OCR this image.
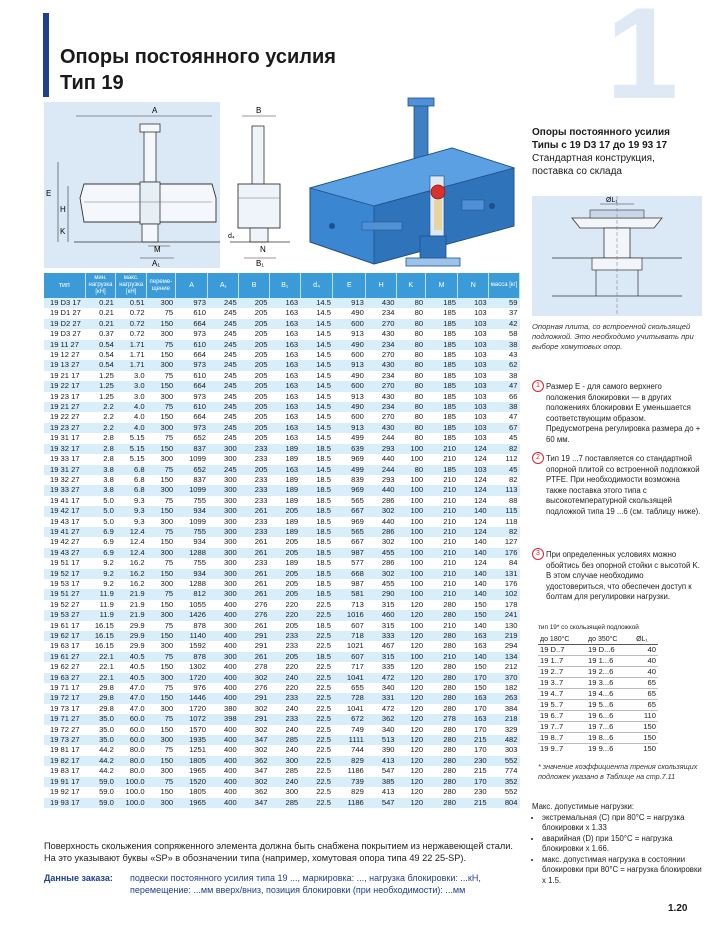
1
Опоры постоянного усилия
Тип 19
A
M
A₁
E
H
K
B
d₄
N
B₁
Опоры постоянного усилия
Типы с 19 D3 17 до 19 93 17
Стандартная конструкция,
поставка со склада
ØL₁
Опорная плита, со встроенной скользящей подложкой. Это необходимо учитывать при выборе хомутовых опор.
1 Размер E - для самого верхнего положения блокировки — в других положениях блокировки E уменьшается соответствующим образом. Предусмотрена регулировка размера до + 60 мм.
2 Тип 19 ...7 поставляется со стандартной опорной плитой со встроенной подложкой PTFE. При необходимости возможна также поставка этого типа с высокотемпературной скользящей подложкой типа 19 ...6 (см. таблицу ниже).
3 При определенных условиях можно обойтись без опорной стойки с высотой K. В этом случае необходимо удостовериться, что обеспечен доступ к болтам для регулировки нагрузки.
тип 19* со скользящей подложкой
до 180°C	до 350°C	ØL₁
19 D..7	19 D...6	40
19 1..7	19 1...6	40
19 2..7	19 2...6	40
19 3..7	19 3...6	65
19 4..7	19 4...6	65
19 5..7	19 5...6	65
19 6..7	19 6...6	110
19 7..7	19 7...6	150
19 8..7	19 8...6	150
19 9..7	19 9...6	150
* значение коэффициента трения скользящих подложек указано в Таблице на стр.7.11
Макс. допустимые нагрузки:
• экстремальная (C) при 80°C = нагрузка блокировки x 1.33
• аварийная (D) при 150°C = нагрузка блокировки x 1.66.
• макс. допустимая нагрузка в состоянии блокировки при 80°C = нагрузка блокировки x 1.5.
тип	мин. нагрузка [кН]	макс. нагрузка [кН]	переме-щение	A	A₁	B	B₁	d₄	E	H	K	M	N	масса [кг]
19 D3 17	0.21	0.51	300	973	245	205	163	14.5	913	430	80	185	103	59
19 D1 27	0.21	0.72	75	610	245	205	163	14.5	490	234	80	185	103	37
19 D2 27	0.21	0.72	150	664	245	205	163	14.5	600	270	80	185	103	42
19 D3 27	0.37	0.72	300	973	245	205	163	14.5	913	430	80	185	103	58
19 11 27	0.54	1.71	75	610	245	205	163	14.5	490	234	80	185	103	38
19 12 27	0.54	1.71	150	664	245	205	163	14.5	600	270	80	185	103	43
19 13 27	0.54	1.71	300	973	245	205	163	14.5	913	430	80	185	103	62
19 21 17	1.25	3.0	75	610	245	205	163	14.5	490	234	80	185	103	38
19 22 17	1.25	3.0	150	664	245	205	163	14.5	600	270	80	185	103	47
19 23 17	1.25	3.0	300	973	245	205	163	14.5	913	430	80	185	103	66
19 21 27	2.2	4.0	75	610	245	205	163	14.5	490	234	80	185	103	38
19 22 27	2.2	4.0	150	664	245	205	163	14.5	600	270	80	185	103	47
19 23 27	2.2	4.0	300	973	245	205	163	14.5	913	430	80	185	103	67
19 31 17	2.8	5.15	75	652	245	205	163	14.5	499	244	80	185	103	45
19 32 17	2.8	5.15	150	837	300	233	189	18.5	639	293	100	210	124	82
19 33 17	2.8	5.15	300	1099	300	233	189	18.5	969	440	100	210	124	112
19 31 27	3.8	6.8	75	652	245	205	163	14.5	499	244	80	185	103	45
19 32 27	3.8	6.8	150	837	300	233	189	18.5	839	293	100	210	124	82
19 33 27	3.8	6.8	300	1099	300	233	189	18.5	969	440	100	210	124	113
19 41 17	5.0	9.3	75	755	300	233	189	18.5	565	286	100	210	124	88
19 42 17	5.0	9.3	150	934	300	261	205	18.5	667	302	100	210	140	115
19 43 17	5.0	9.3	300	1099	300	233	189	18.5	969	440	100	210	124	118
19 41 27	6.9	12.4	75	755	300	233	189	18.5	565	286	100	210	124	82
19 42 27	6.9	12.4	150	934	300	261	205	18.5	667	302	100	210	140	127
19 43 27	6.9	12.4	300	1288	300	261	205	18.5	987	455	100	210	140	176
19 51 17	9.2	16.2	75	755	300	233	189	18.5	577	286	100	210	124	84
19 52 17	9.2	16.2	150	934	300	261	205	18.5	668	302	100	210	140	131
19 53 17	9.2	16.2	300	1288	300	261	205	18.5	987	455	100	210	140	176
19 51 27	11.9	21.9	75	812	300	261	205	18.5	581	290	100	210	140	102
19 52 27	11.9	21.9	150	1055	400	276	220	22.5	713	315	120	280	150	178
19 53 27	11.9	21.9	300	1426	400	276	220	22.5	1016	460	120	280	150	241
19 61 17	16.15	29.9	75	878	300	261	205	18.5	607	315	100	210	140	130
19 62 17	16.15	29.9	150	1140	400	291	233	22.5	718	333	120	280	163	219
19 63 17	16.15	29.9	300	1592	400	291	233	22.5	1021	467	120	280	163	294
19 61 27	22.1	40.5	75	878	300	261	205	18.5	607	315	100	210	140	134
19 62 27	22.1	40.5	150	1302	400	278	220	22.5	717	335	120	280	150	212
19 63 27	22.1	40.5	300	1720	400	302	240	22.5	1041	472	120	280	170	370
19 71 17	29.8	47.0	75	976	400	276	220	22.5	655	340	120	280	150	182
19 72 17	29.8	47.0	150	1446	400	291	233	22.5	728	331	120	280	163	263
19 73 17	29.8	47.0	300	1720	380	302	240	22.5	1041	472	120	280	170	384
19 71 27	35.0	60.0	75	1072	398	291	233	22.5	672	362	120	278	163	218
19 72 27	35.0	60.0	150	1570	400	302	240	22.5	749	340	120	280	170	329
19 73 27	35.0	60.0	300	1935	400	347	285	22.5	1111	513	120	280	215	482
19 81 17	44.2	80.0	75	1251	400	302	240	22.5	744	390	120	280	170	303
19 82 17	44.2	80.0	150	1805	400	362	300	22.5	829	413	120	280	230	552
19 83 17	44.2	80.0	300	1965	400	347	285	22.5	1186	547	120	280	215	774
19 91 17	59.0	100.0	75	1520	400	302	240	22.5	739	385	120	280	170	352
19 92 17	59.0	100.0	150	1805	400	362	300	22.5	829	413	120	280	230	552
19 93 17	59.0	100.0	300	1965	400	347	285	22.5	1186	547	120	280	215	804
Поверхность скольжения сопряженного элемента должна быть снабжена покрытием из нержавеющей стали. На это указывают буквы «SP» в обозначении типа (например, хомутовая опора типа 49 22 25-SP).
Данные заказа: подвески постоянного усилия типа 19 ..., маркировка: ..., нагрузка блокировки: ...кН,
перемещение: ...мм вверх/вниз, позиция блокировки (при необходимости): ...мм
1.20
